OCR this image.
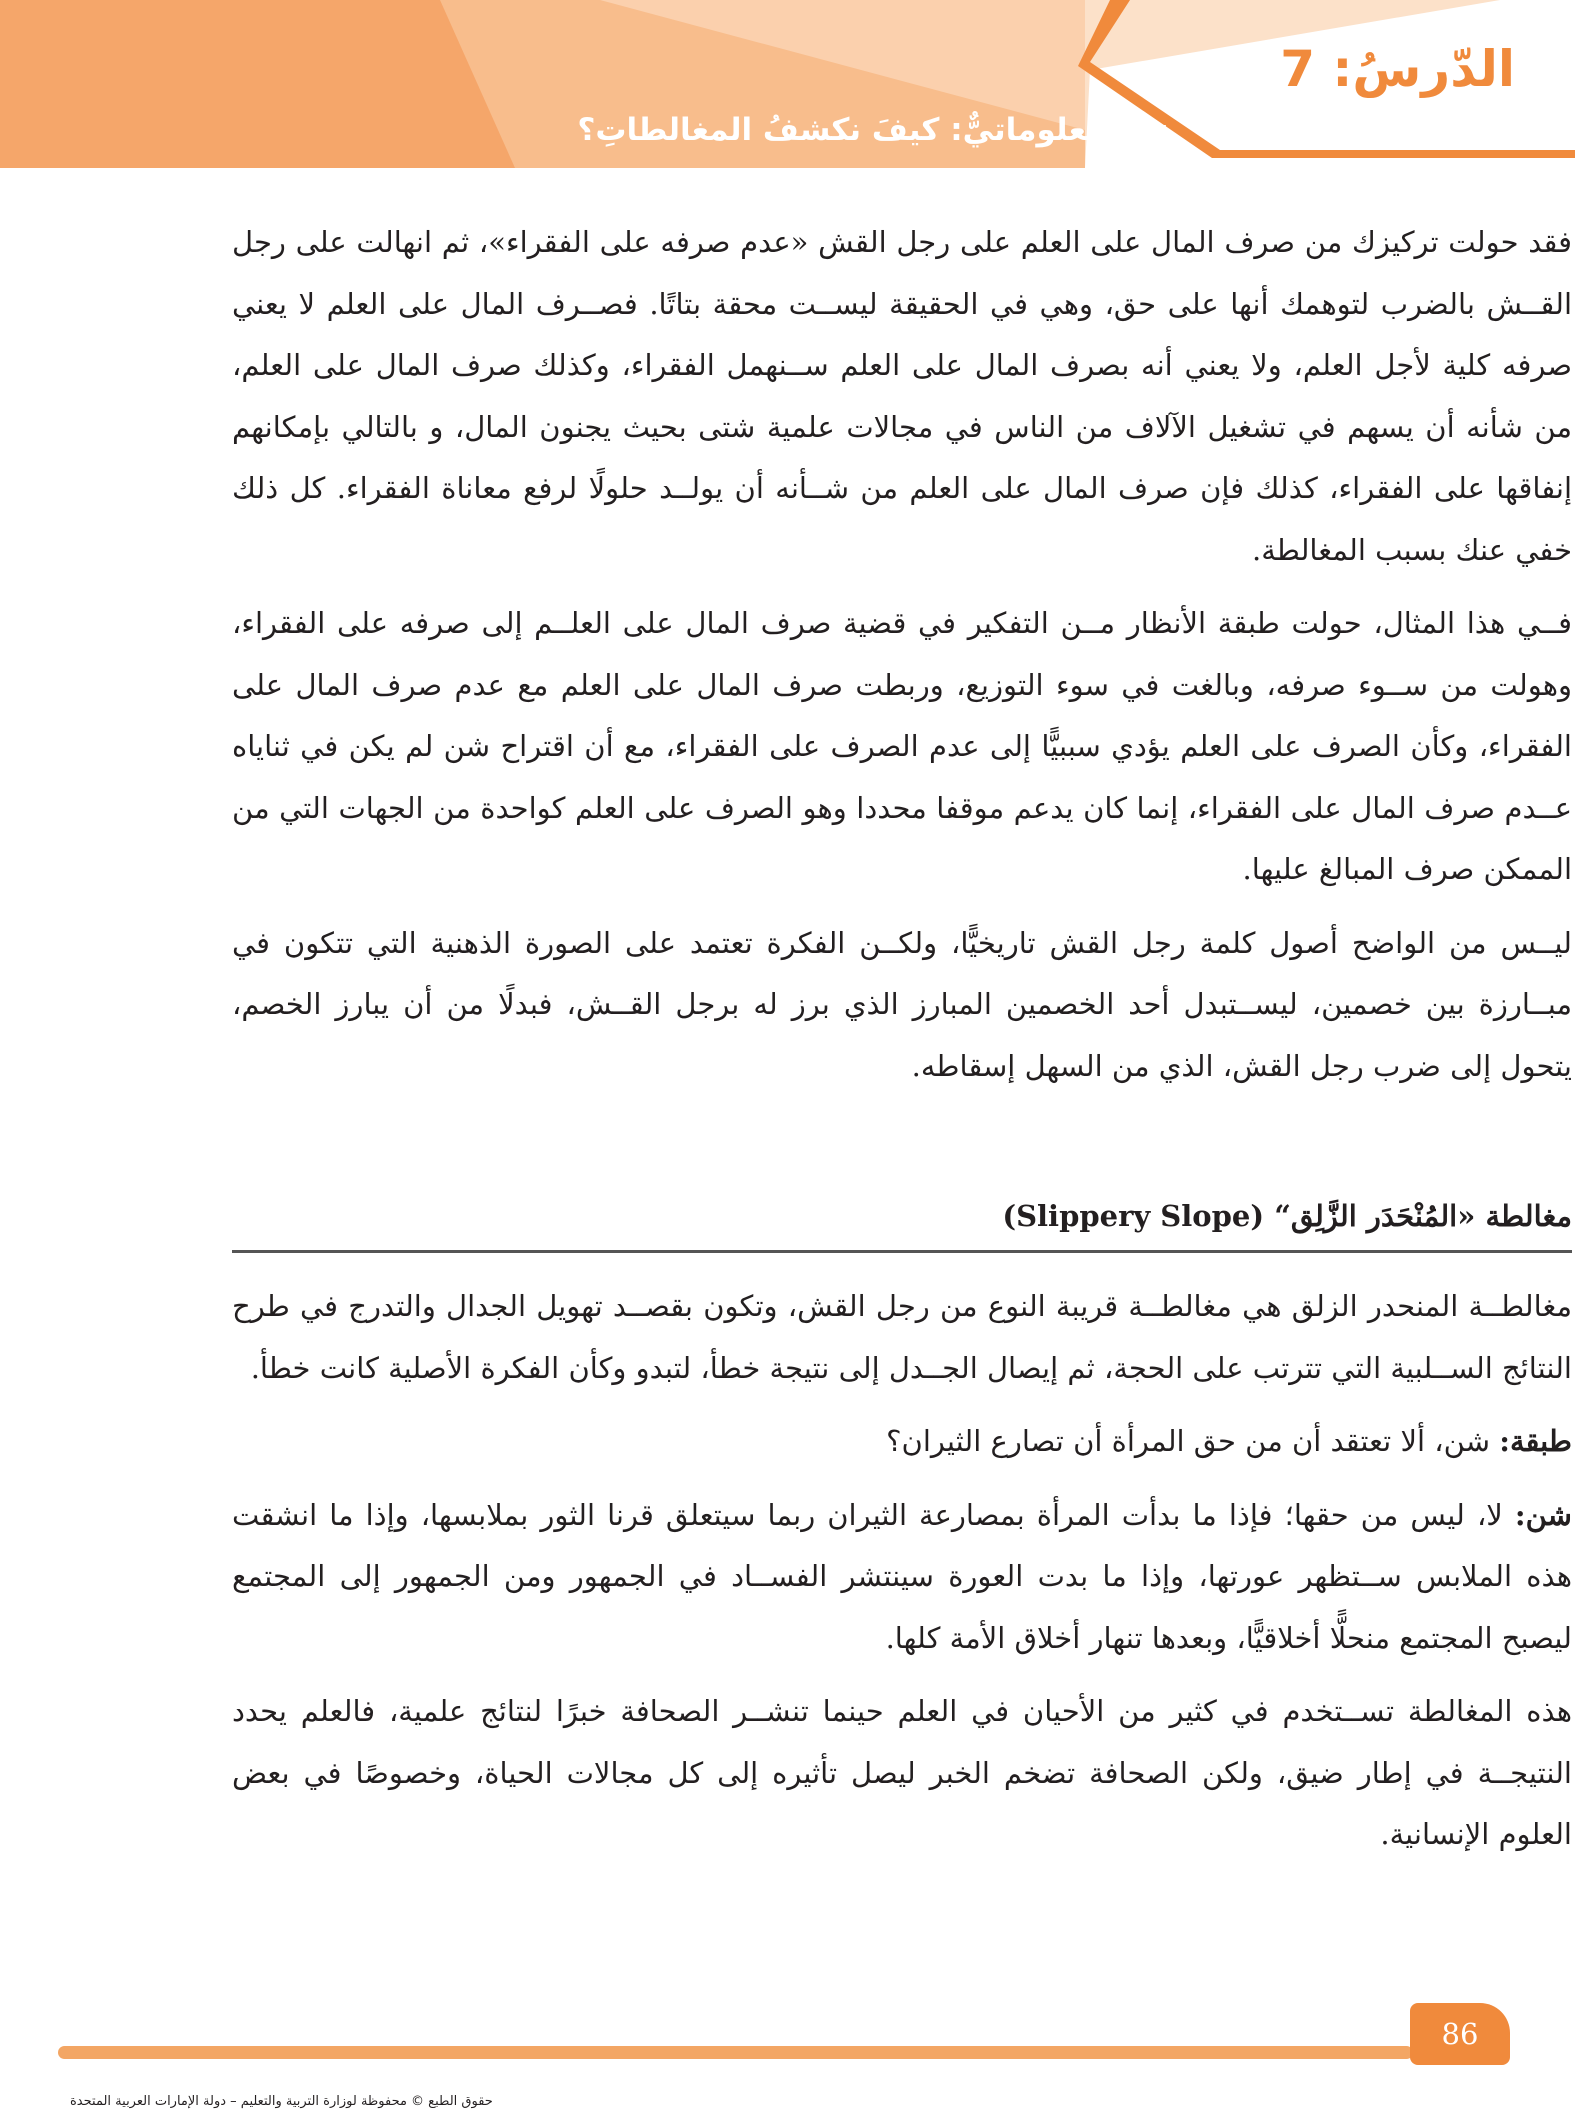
الدّرسُ: 7
نصٌّ معلوماتيٌّ: كيفَ نكشفُ المغالطاتِ؟

فقد حولت تركيزك من صرف المال على العلم على رجل القش «عدم صرفه على الفقراء»، ثم انهالت على رجل القــش بالضرب لتوهمك أنها على حق، وهي في الحقيقة ليســت محقة بتاتًا. فصــرف المال على العلم لا يعني صرفه كلية لأجل العلم، ولا يعني أنه بصرف المال على العلم ســنهمل الفقراء، وكذلك صرف المال على العلم، من شأنه أن يسهم في تشغيل الآلاف من الناس في مجالات علمية شتى بحيث يجنون المال، و بالتالي بإمكانهم إنفاقها على الفقراء، كذلك فإن صرف المال على العلم من شــأنه أن يولــد حلولًا لرفع معاناة الفقراء. كل ذلك خفي عنك بسبب المغالطة.

فــي هذا المثال، حولت طبقة الأنظار مــن التفكير في قضية صرف المال على العلــم إلى صرفه على الفقراء، وهولت من ســوء صرفه، وبالغت في سوء التوزيع، وربطت صرف المال على العلم مع عدم صرف المال على الفقراء، وكأن الصرف على العلم يؤدي سببيًّا إلى عدم الصرف على الفقراء، مع أن اقتراح شن لم يكن في ثناياه عــدم صرف المال على الفقراء، إنما كان يدعم موقفا محددا وهو الصرف على العلم كواحدة من الجهات التي من الممكن صرف المبالغ عليها.

ليــس من الواضح أصول كلمة رجل القش تاريخيًّا، ولكــن الفكرة تعتمد على الصورة الذهنية التي تتكون في مبــارزة بين خصمين، ليســتبدل أحد الخصمين المبارز الذي برز له برجل القــش، فبدلًا من أن يبارز الخصم، يتحول إلى ضرب رجل القش، الذي من السهل إسقاطه.

مغالطة «المُنْحَدَر الزَّلِق“ (Slippery Slope)

مغالطــة المنحدر الزلق هي مغالطــة قريبة النوع من رجل القش، وتكون بقصــد تهويل الجدال والتدرج في طرح النتائج الســلبية التي تترتب على الحجة، ثم إيصال الجــدل إلى نتيجة خطأ، لتبدو وكأن الفكرة الأصلية كانت خطأ.

طبقة: شن، ألا تعتقد أن من حق المرأة أن تصارع الثيران؟

شن: لا، ليس من حقها؛ فإذا ما بدأت المرأة بمصارعة الثيران ربما سيتعلق قرنا الثور بملابسها، وإذا ما انشقت هذه الملابس ســتظهر عورتها، وإذا ما بدت العورة سينتشر الفســاد في الجمهور ومن الجمهور إلى المجتمع ليصبح المجتمع منحلًّا أخلاقيًّا، وبعدها تنهار أخلاق الأمة كلها.

هذه المغالطة تســتخدم في كثير من الأحيان في العلم حينما تنشــر الصحافة خبرًا لنتائج علمية، فالعلم يحدد النتيجــة في إطار ضيق، ولكن الصحافة تضخم الخبر ليصل تأثيره إلى كل مجالات الحياة، وخصوصًا في بعض العلوم الإنسانية.

86
حقوق الطبع © محفوظة لوزارة التربية والتعليم – دولة الإمارات العربية المتحدة
